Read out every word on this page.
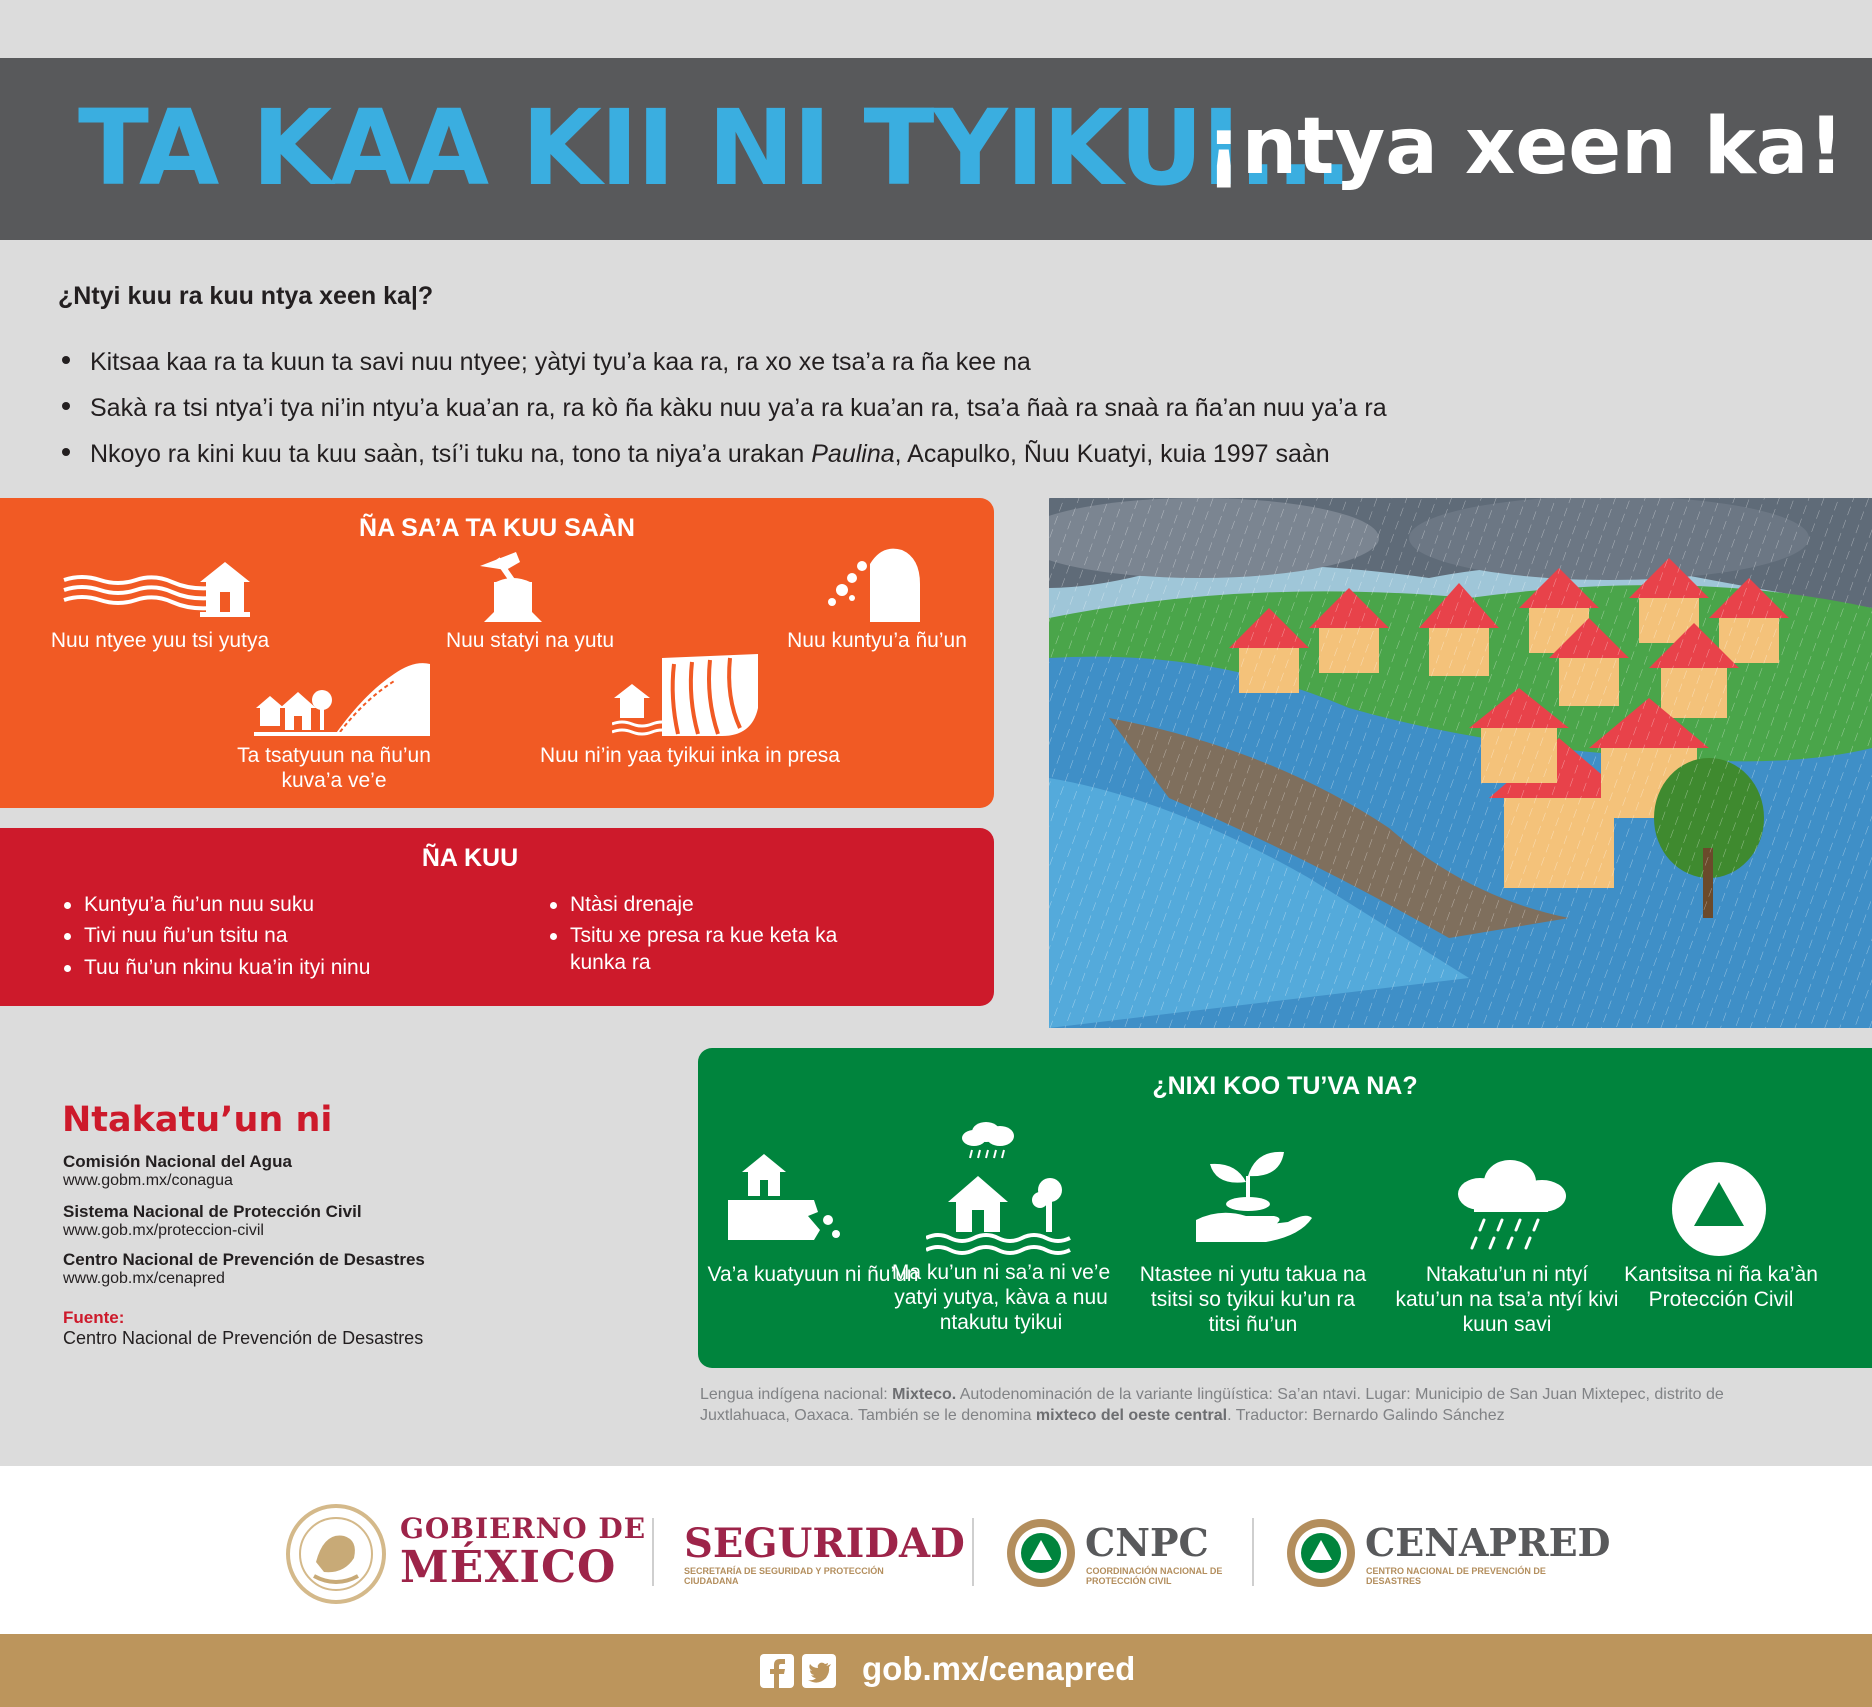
TA KAA KII NI TYIKUI...
¡ntya xeen ka!
¿Ntyi kuu ra kuu ntya xeen ka|?
Kitsaa kaa ra ta kuun ta savi nuu ntyee; yàtyi tyu’a kaa ra, ra xo xe tsa’a ra ña kee na
Sakà ra tsi ntya’i tya ni’in ntyu’a kua’an ra, ra kò ña kàku nuu ya’a ra kua’an ra, tsa’a ñaà ra snaà ra ña’an nuu ya’a ra
Nkoyo ra kini kuu ta kuu saàn, tsí’i tuku na, tono ta niya’a urakan Paulina, Acapulko, Ñuu Kuatyi, kuia 1997 saàn
ÑA SA’A TA KUU SAÀN
Nuu ntyee yuu tsi yutya	Nuu statyi na yutu	Nuu kuntyu’a ñu’un
Ta tsatyuun na ñu’un kuva’a ve’e
Nuu ni’in yaa tyikui inka in presa
ÑA KUU
Kuntyu’a ñu’un nuu suku
Tivi nuu ñu’un tsitu na
Tuu ñu’un nkinu kua’in ityi ninu
Ntàsi drenaje
Tsitu xe presa ra kue keta ka kunka ra
Ntakatu’un ni
Comisión Nacional del Agua
www.gobm.mx/conagua
Sistema Nacional de Protección Civil
www.gob.mx/proteccion-civil
Centro Nacional de Prevención de Desastres
www.gob.mx/cenapred
Fuente:
Centro Nacional de Prevención de Desastres
¿NIXI KOO TU’VA NA?
Va’a kuatyuun ni ñu’un
Ma ku’un ni sa’a ni ve’e yatyi yutya, kàva a nuu ntakutu tyikui
Ntastee ni yutu takua na tsitsi so tyikui ku’un ra titsi ñu’un
Ntakatu’un ni ntyí katu’un na tsa’a ntyí kivi kuun savi
Kantsitsa ni ña ka’àn Protección Civil
Lengua indígena nacional: Mixteco. Autodenominación de la variante lingüística: Sa’an ntavi. Lugar: Municipio de San Juan Mixtepec, distrito de Juxtlahuaca, Oaxaca. También se le denomina mixteco del oeste central. Traductor: Bernardo Galindo Sánchez
GOBIERNO DE
MÉXICO SEGURIDAD
SECRETARÍA DE SEGURIDAD Y PROTECCIÓN CIUDADANA
CNPC
COORDINACIÓN NACIONAL DE PROTECCIÓN CIVIL
CENAPRED
CENTRO NACIONAL DE PREVENCIÓN DE DESASTRES
gob.mx/cenapred
